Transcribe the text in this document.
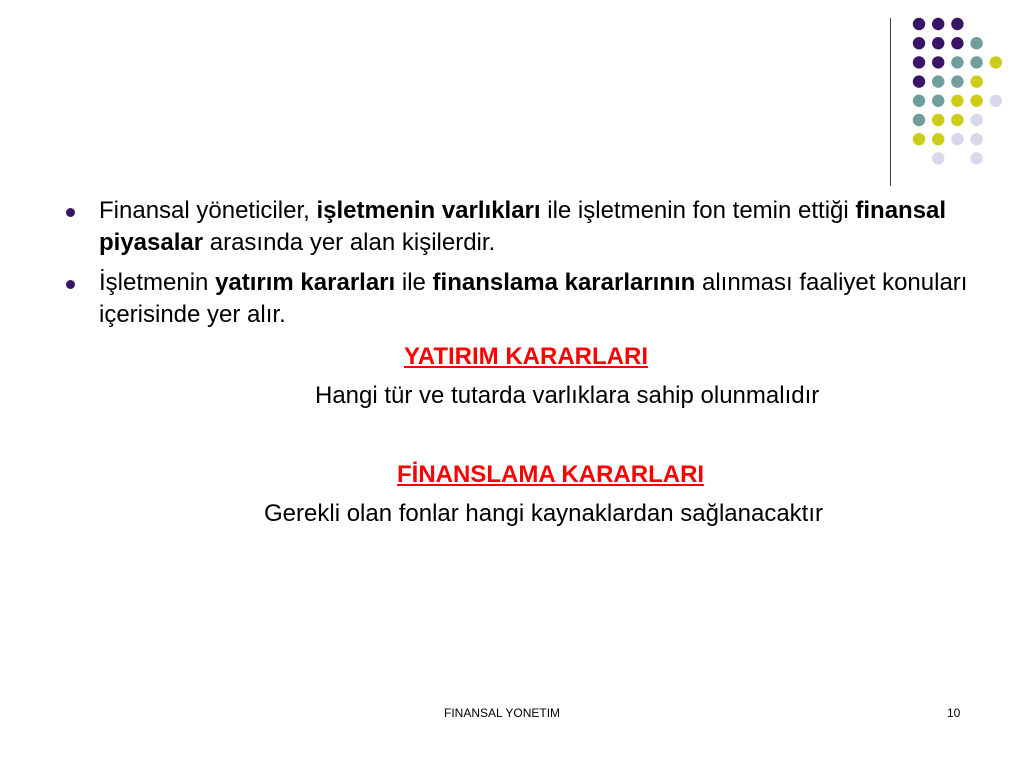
Finansal yöneticiler, işletmenin varlıkları ile işletmenin fon temin ettiği finansal piyasalar arasında yer alan kişilerdir.
İşletmenin yatırım kararları ile finanslama kararlarının alınması faaliyet konuları içerisinde yer alır.
YATIRIM KARARLARI
Hangi tür ve tutarda varlıklara sahip olunmalıdır
FİNANSLAMA KARARLARI
Gerekli olan fonlar hangi kaynaklardan sağlanacaktır
FINANSAL YONETIM	10
